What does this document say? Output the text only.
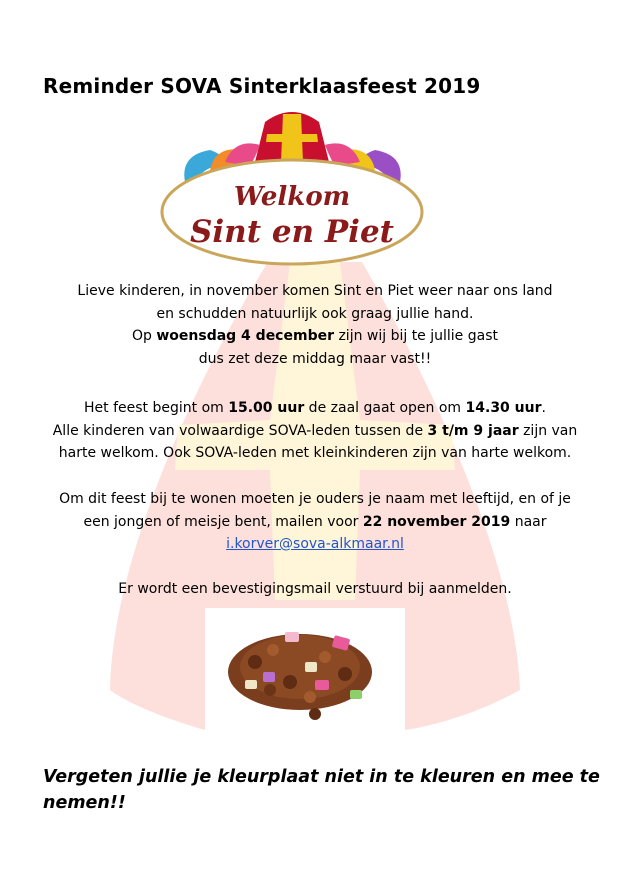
Reminder SOVA Sinterklaasfeest 2019
Welkom
Sint en Piet
Lieve kinderen, in november komen Sint en Piet weer naar ons land
en schudden natuurlijk ook graag jullie hand.
Op woensdag 4 december zijn wij bij te jullie gast
dus zet deze middag maar vast!!
Het feest begint om 15.00 uur de zaal gaat open om 14.30 uur.
Alle kinderen van volwaardige SOVA-leden tussen de 3 t/m 9 jaar zijn van
harte welkom. Ook SOVA-leden met kleinkinderen zijn van harte welkom.
Om dit feest bij te wonen moeten je ouders je naam met leeftijd, en of je
een jongen of meisje bent, mailen voor 22 november 2019 naar
i.korver@sova-alkmaar.nl
Er wordt een bevestigingsmail verstuurd bij aanmelden.
Vergeten jullie je kleurplaat niet in te kleuren en mee te nemen!!
